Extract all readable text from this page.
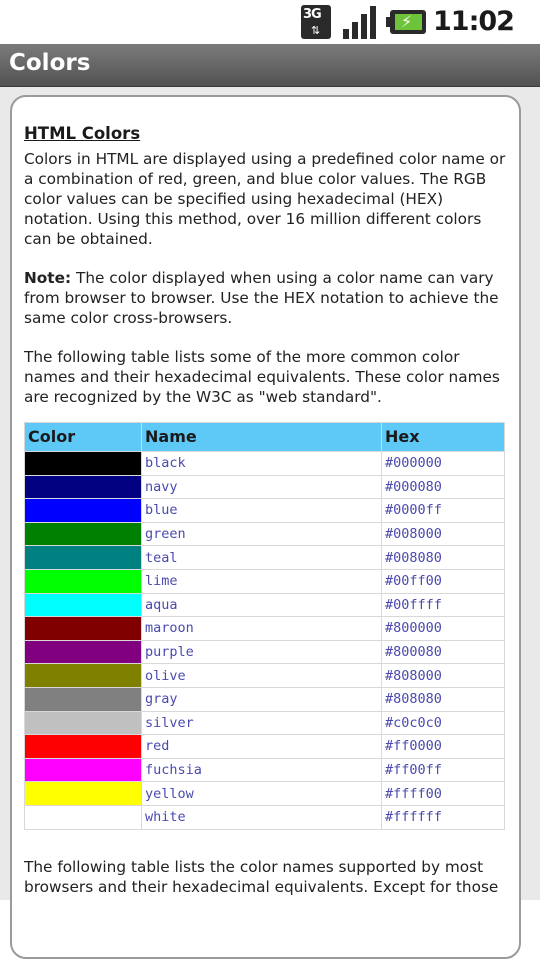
3G
⇅	⚡ 11:02
Colors
HTML Colors

Colors in HTML are displayed using a predefined color name or a combination of red, green, and blue color values. The RGB color values can be specified using hexadecimal (HEX) notation. Using this method, over 16 million different colors can be obtained.

Note: The color displayed when using a color name can vary from browser to browser. Use the HEX notation to achieve the same color cross-browsers.

The following table lists some of the more common color names and their hexadecimal equivalents. These color names are recognized by the W3C as "web standard".

Color	Name	Hex
	black	#000000
	navy	#000080
	blue	#0000ff
	green	#008000
	teal	#008080
	lime	#00ff00
	aqua	#00ffff
	maroon	#800000
	purple	#800080
	olive	#808000
	gray	#808080
	silver	#c0c0c0
	red	#ff0000
	fuchsia	#ff00ff
	yellow	#ffff00
	white	#ffffff

The following table lists the color names supported by most browsers and their hexadecimal equivalents. Except for those
